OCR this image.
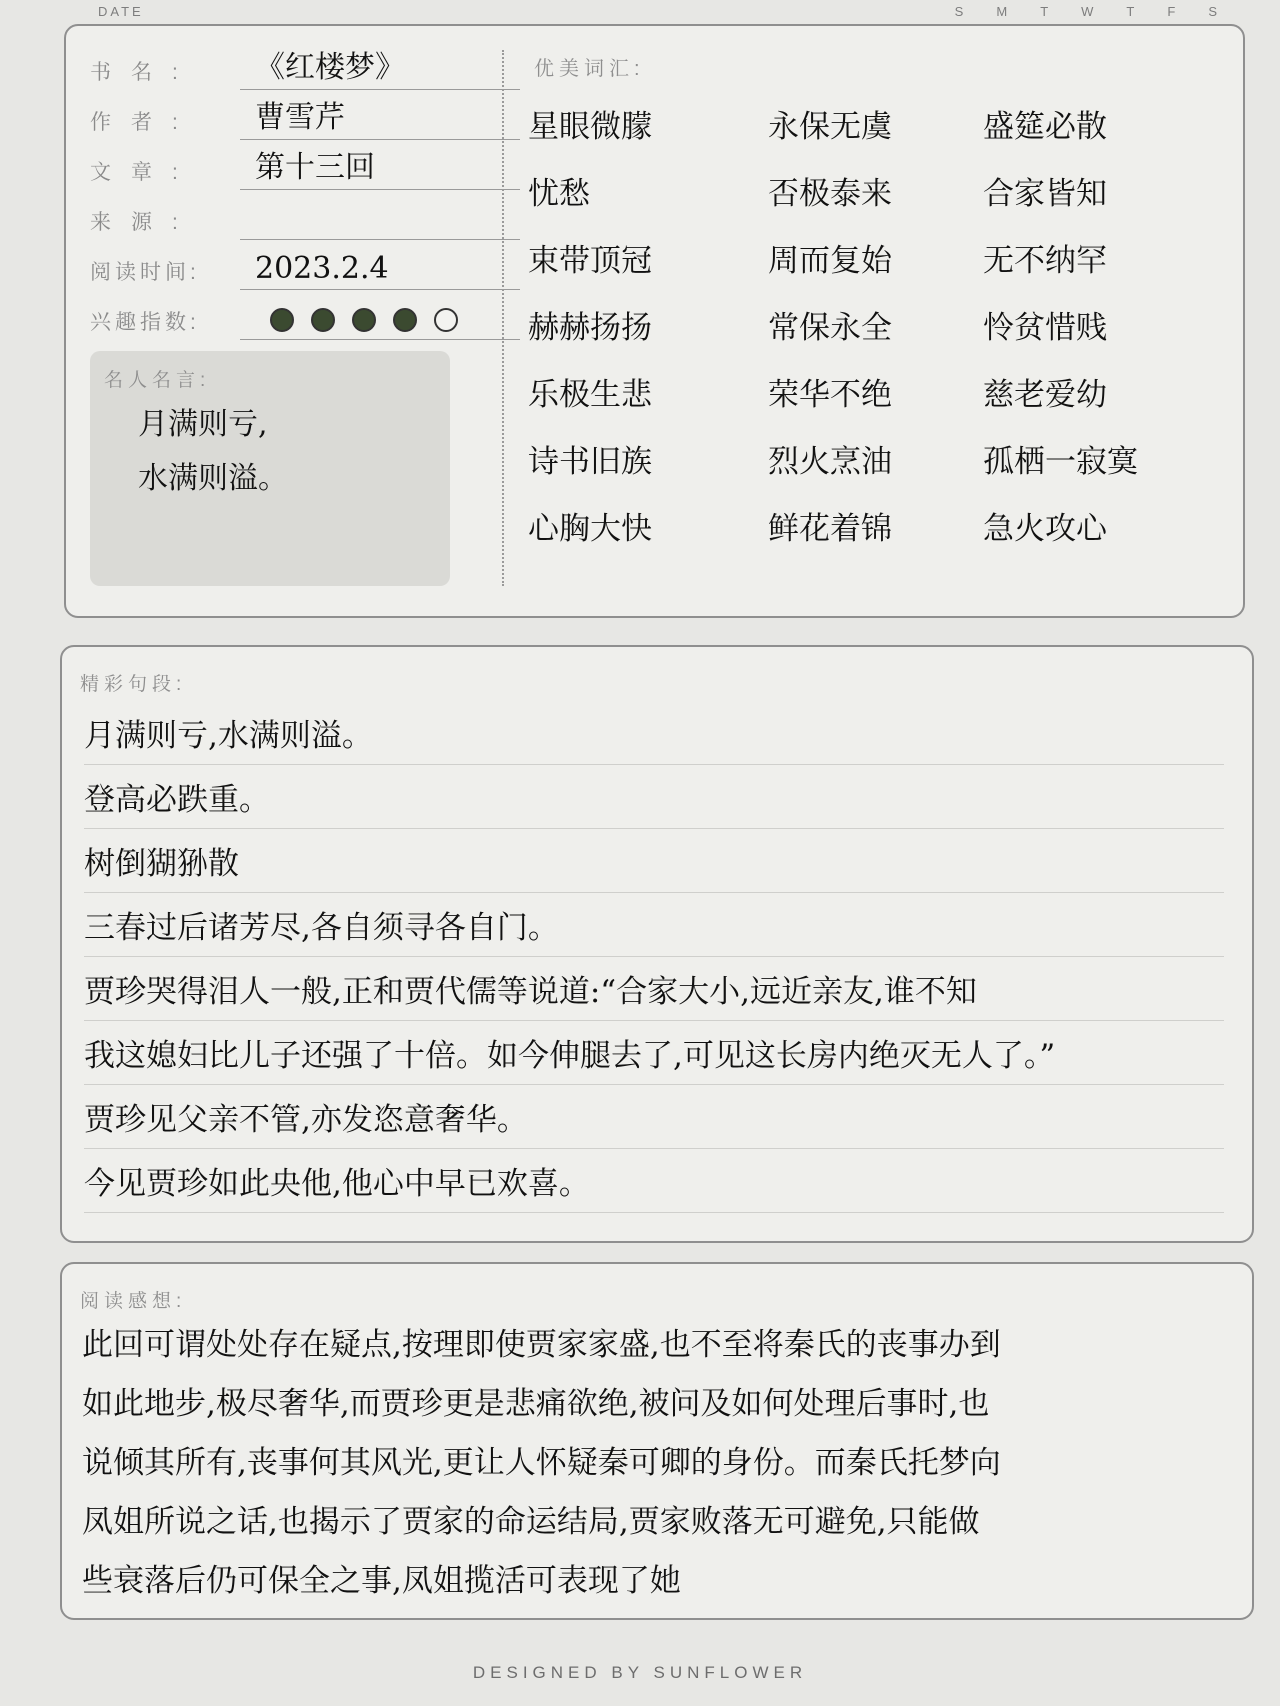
DATE	S M T W T F S
书名: 《红楼梦》
作者: 曹雪芹
文章: 第十三回
来源:
阅读时间: 2023.2.4
兴趣指数:
名人名言:
月满则亏,
水满则溢。
优美词汇:
星眼微朦	永保无虞	盛筵必散
忧愁	否极泰来	合家皆知
束带顶冠	周而复始	无不纳罕
赫赫扬扬	常保永全	怜贫惜贱
乐极生悲	荣华不绝	慈老爱幼
诗书旧族	烈火烹油	孤栖一寂寞
心胸大快	鲜花着锦	急火攻心
精彩句段:
月满则亏,水满则溢。
登高必跌重。
树倒猢狲散
三春过后诸芳尽,各自须寻各自门。
贾珍哭得泪人一般,正和贾代儒等说道:“合家大小,远近亲友,谁不知
我这媳妇比儿子还强了十倍。如今伸腿去了,可见这长房内绝灭无人了。”
贾珍见父亲不管,亦发恣意奢华。
今见贾珍如此央他,他心中早已欢喜。
阅读感想:
此回可谓处处存在疑点,按理即使贾家家盛,也不至将秦氏的丧事办到
如此地步,极尽奢华,而贾珍更是悲痛欲绝,被问及如何处理后事时,也
说倾其所有,丧事何其风光,更让人怀疑秦可卿的身份。而秦氏托梦向
凤姐所说之话,也揭示了贾家的命运结局,贾家败落无可避免,只能做
些衰落后仍可保全之事,凤姐揽活可表现了她
DESIGNED BY SUNFLOWER
